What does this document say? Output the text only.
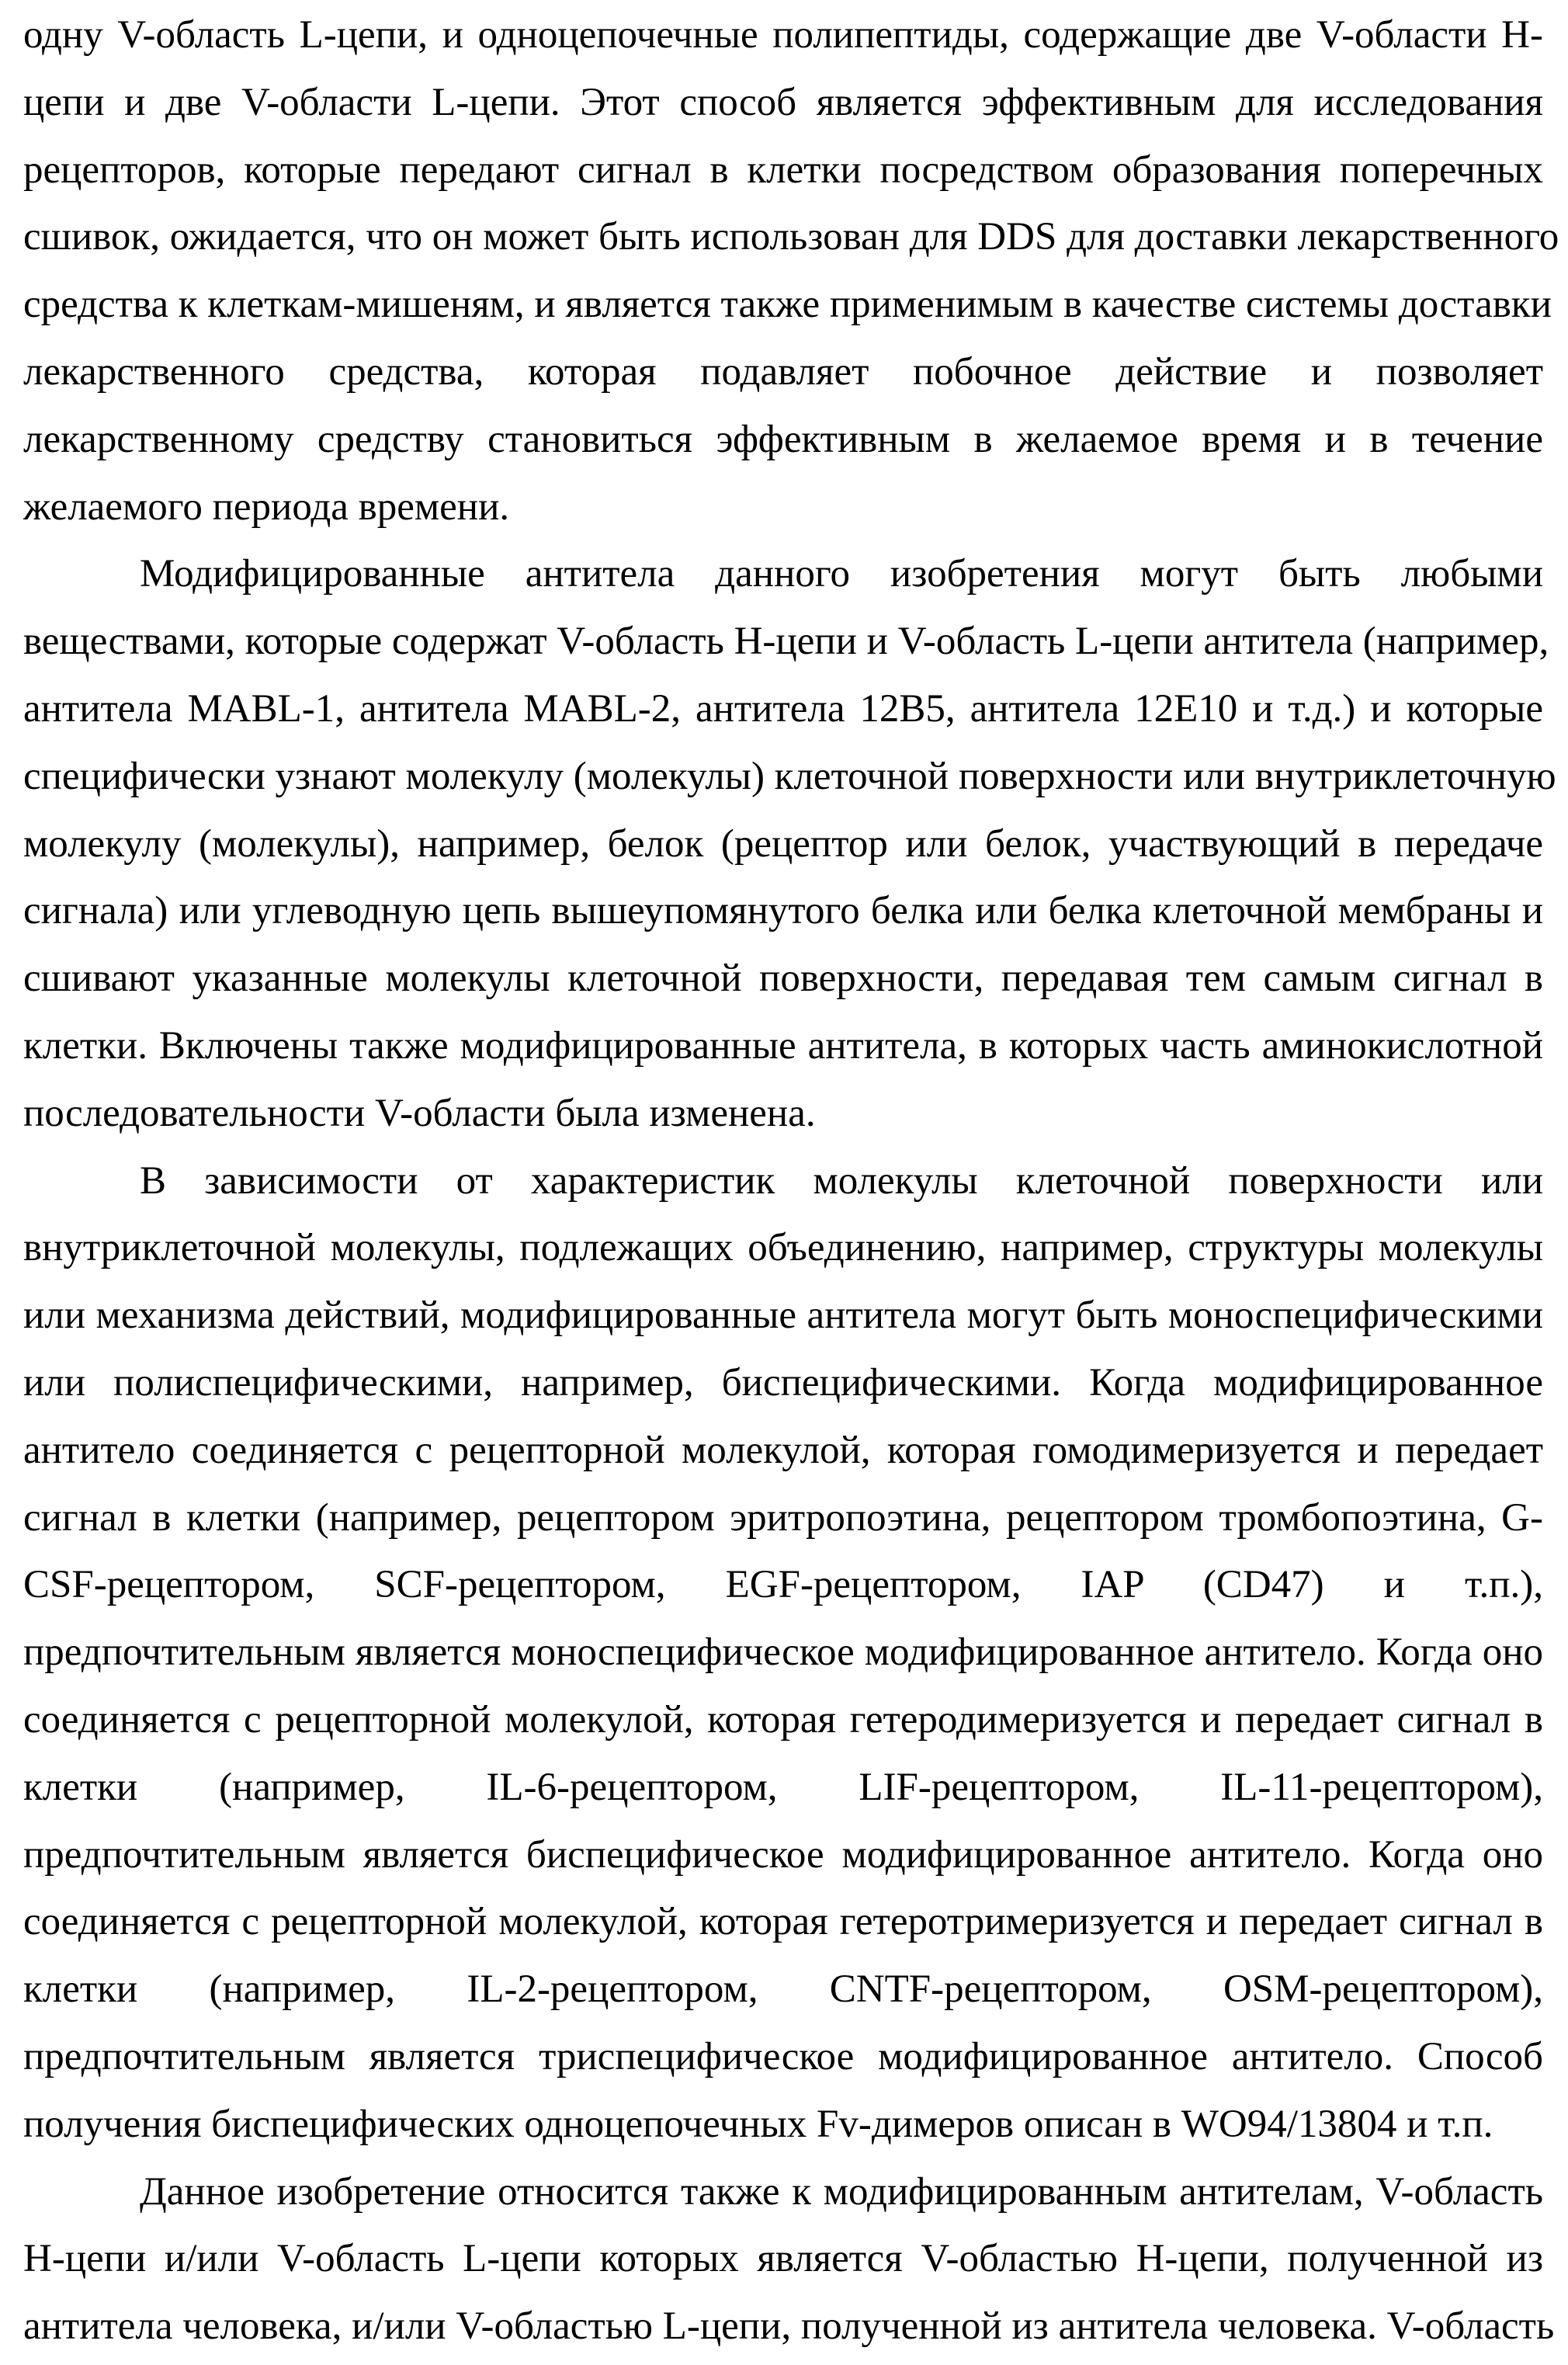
одну V-область L-цепи, и одноцепочечные полипептиды, содержащие две V-области H-
цепи и две V-области L-цепи. Этот способ является эффективным для исследования
рецепторов, которые передают сигнал в клетки посредством образования поперечных
сшивок, ожидается, что он может быть использован для DDS для доставки лекарственного
средства к клеткам-мишеням, и является также применимым в качестве системы доставки
лекарственного средства, которая подавляет побочное действие и позволяет
лекарственному средству становиться эффективным в желаемое время и в течение
желаемого периода времени.
Модифицированные антитела данного изобретения могут быть любыми
веществами, которые содержат V-область H-цепи и V-область L-цепи антитела (например,
антитела MABL-1, антитела MABL-2, антитела 12B5, антитела 12E10 и т.д.) и которые
специфически узнают молекулу (молекулы) клеточной поверхности или внутриклеточную
молекулу (молекулы), например, белок (рецептор или белок, участвующий в передаче
сигнала) или углеводную цепь вышеупомянутого белка или белка клеточной мембраны и
сшивают указанные молекулы клеточной поверхности, передавая тем самым сигнал в
клетки. Включены также модифицированные антитела, в которых часть аминокислотной
последовательности V-области была изменена.
В зависимости от характеристик молекулы клеточной поверхности или
внутриклеточной молекулы, подлежащих объединению, например, структуры молекулы
или механизма действий, модифицированные антитела могут быть моноспецифическими
или полиспецифическими, например, биспецифическими. Когда модифицированное
антитело соединяется с рецепторной молекулой, которая гомодимеризуется и передает
сигнал в клетки (например, рецептором эритропоэтина, рецептором тромбопоэтина, G-
CSF-рецептором, SCF-рецептором, EGF-рецептором, IAP (CD47) и т.п.),
предпочтительным является моноспецифическое модифицированное антитело. Когда оно
соединяется с рецепторной молекулой, которая гетеродимеризуется и передает сигнал в
клетки (например, IL-6-рецептором, LIF-рецептором, IL-11-рецептором),
предпочтительным является биспецифическое модифицированное антитело. Когда оно
соединяется с рецепторной молекулой, которая гетеротримеризуется и передает сигнал в
клетки (например, IL-2-рецептором, CNTF-рецептором, OSM-рецептором),
предпочтительным является триспецифическое модифицированное антитело. Способ
получения биспецифических одноцепочечных Fv-димеров описан в WO94/13804 и т.п.
Данное изобретение относится также к модифицированным антителам, V-область
H-цепи и/или V-область L-цепи которых является V-областью H-цепи, полученной из
антитела человека, и/или V-областью L-цепи, полученной из антитела человека. V-область
